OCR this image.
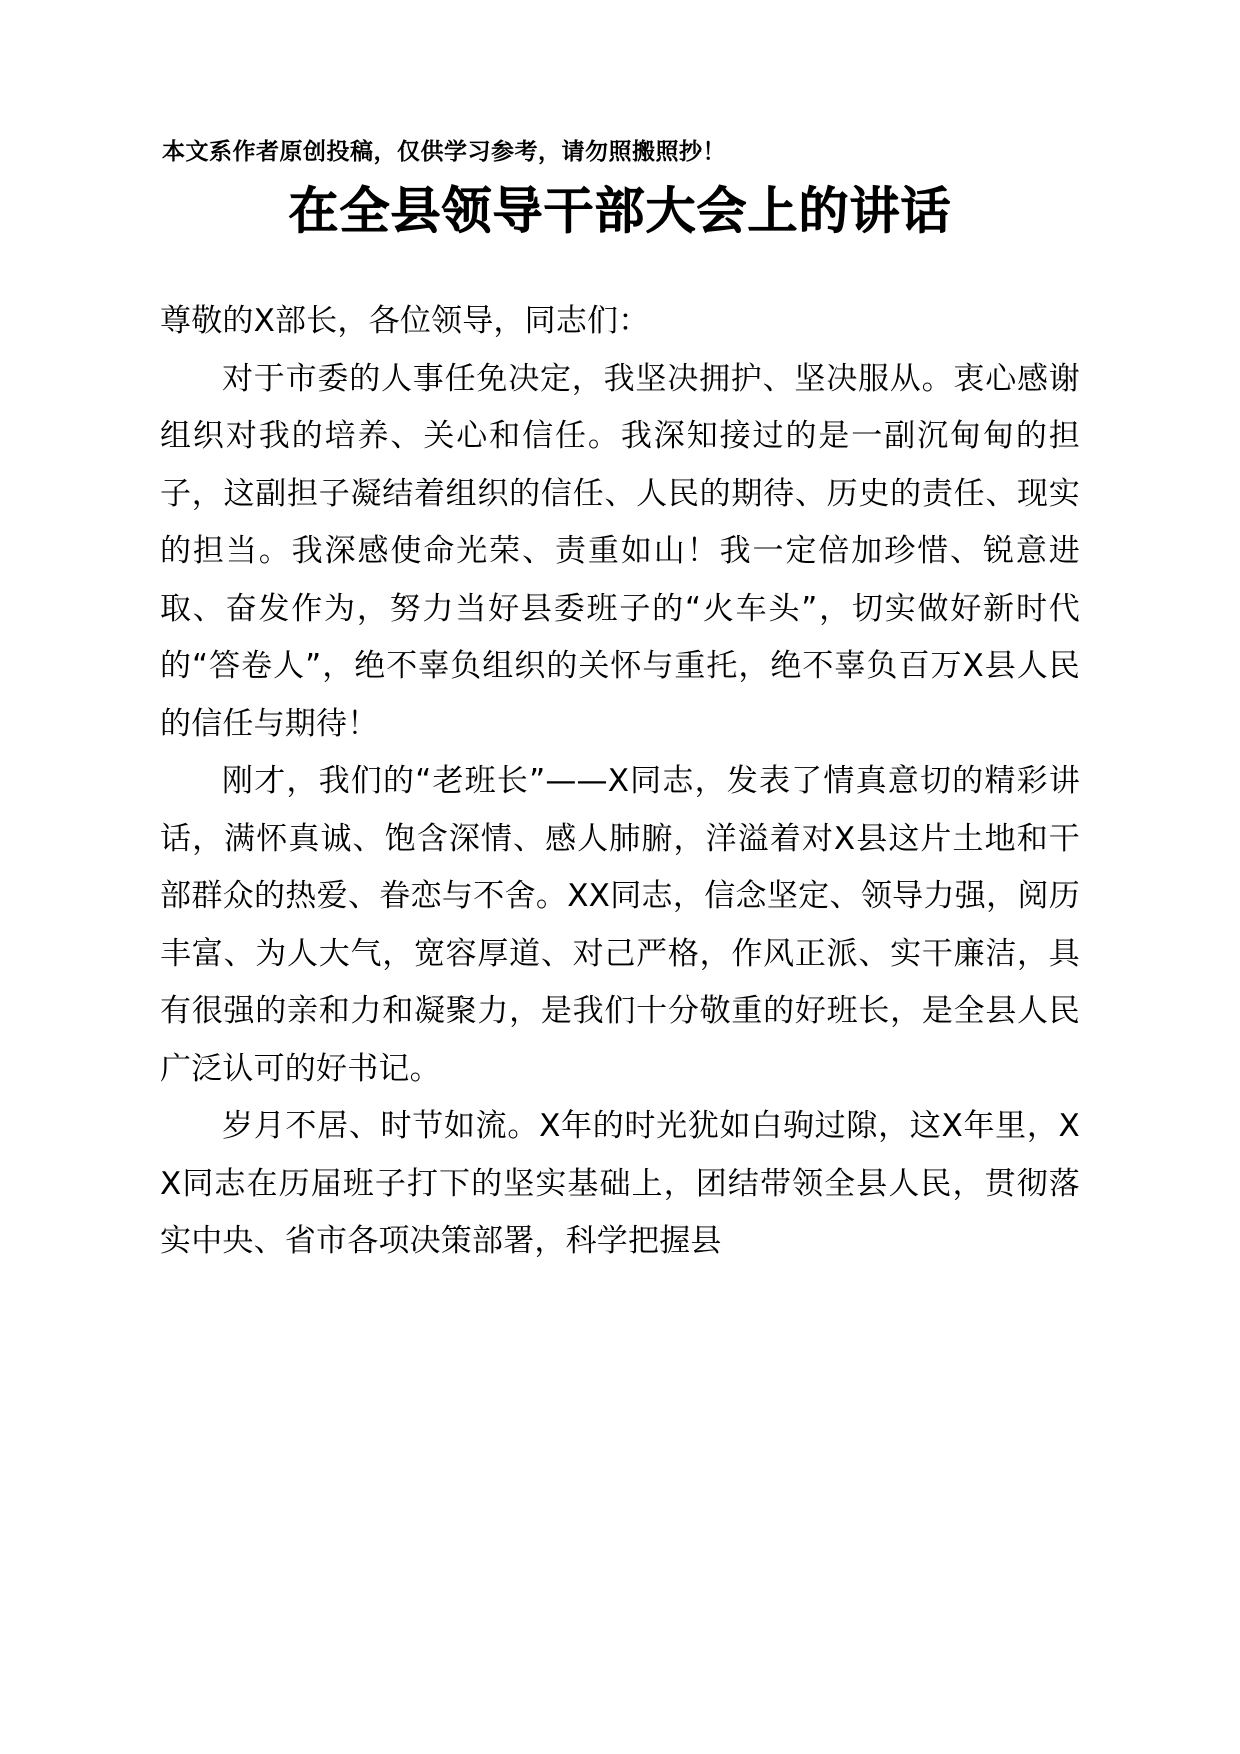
本文系作者原创投稿，仅供学习参考，请勿照搬照抄！
在全县领导干部大会上的讲话

尊敬的X部长，各位领导，同志们：

对于市委的人事任免决定，我坚决拥护、坚决服从。衷心感谢组织对我的培养、关心和信任。我深知接过的是一副沉甸甸的担子，这副担子凝结着组织的信任、人民的期待、历史的责任、现实的担当。我深感使命光荣、责重如山！我一定倍加珍惜、锐意进取、奋发作为，努力当好县委班子的“火车头”，切实做好新时代的“答卷人”，绝不辜负组织的关怀与重托，绝不辜负百万X县人民的信任与期待！

刚才，我们的“老班长”——X同志，发表了情真意切的精彩讲话，满怀真诚、饱含深情、感人肺腑，洋溢着对X县这片土地和干部群众的热爱、眷恋与不舍。XX同志，信念坚定、领导力强，阅历丰富、为人大气，宽容厚道、对己严格，作风正派、实干廉洁，具有很强的亲和力和凝聚力，是我们十分敬重的好班长，是全县人民广泛认可的好书记。

岁月不居、时节如流。X年的时光犹如白驹过隙，这X年里，XX同志在历届班子打下的坚实基础上，团结带领全县人民，贯彻落实中央、省市各项决策部署，科学把握县
